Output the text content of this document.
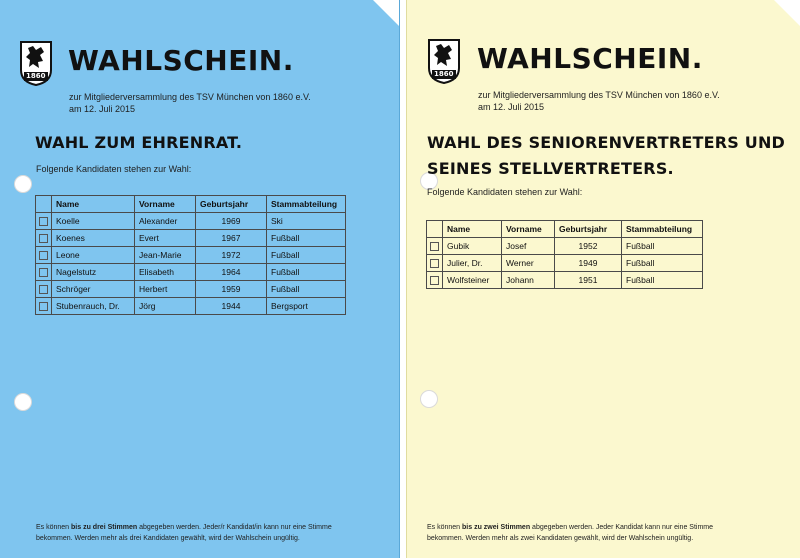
1860 WAHLSCHEIN.
zur Mitgliederversammlung des TSV München von 1860 e.V.
am 12. Juli 2015
WAHL ZUM EHRENRAT.
Folgende Kandidaten stehen zur Wahl:
	Name	Vorname	Geburtsjahr	Stammabteilung
	Koelle	Alexander	1969	Ski
	Koenes	Evert	1967	Fußball
	Leone	Jean-Marie	1972	Fußball
	Nagelstutz	Elisabeth	1964	Fußball
	Schröger	Herbert	1959	Fußball
	Stubenrauch, Dr.	Jörg	1944	Bergsport
Es können bis zu drei Stimmen abgegeben werden. Jeder/r Kandidat/in kann nur eine Stimme
bekommen. Werden mehr als drei Kandidaten gewählt, wird der Wahlschein ungültig.
1860 WAHLSCHEIN.
zur Mitgliederversammlung des TSV München von 1860 e.V.
am 12. Juli 2015
WAHL DES SENIORENVERTRETERS UND
SEINES STELLVERTRETERS.
Folgende Kandidaten stehen zur Wahl:
	Name	Vorname	Geburtsjahr	Stammabteilung
	Gubik	Josef	1952	Fußball
	Julier, Dr.	Werner	1949	Fußball
	Wolfsteiner	Johann	1951	Fußball
Es können bis zu zwei Stimmen abgegeben werden. Jeder Kandidat kann nur eine Stimme
bekommen. Werden mehr als zwei Kandidaten gewählt, wird der Wahlschein ungültig.
